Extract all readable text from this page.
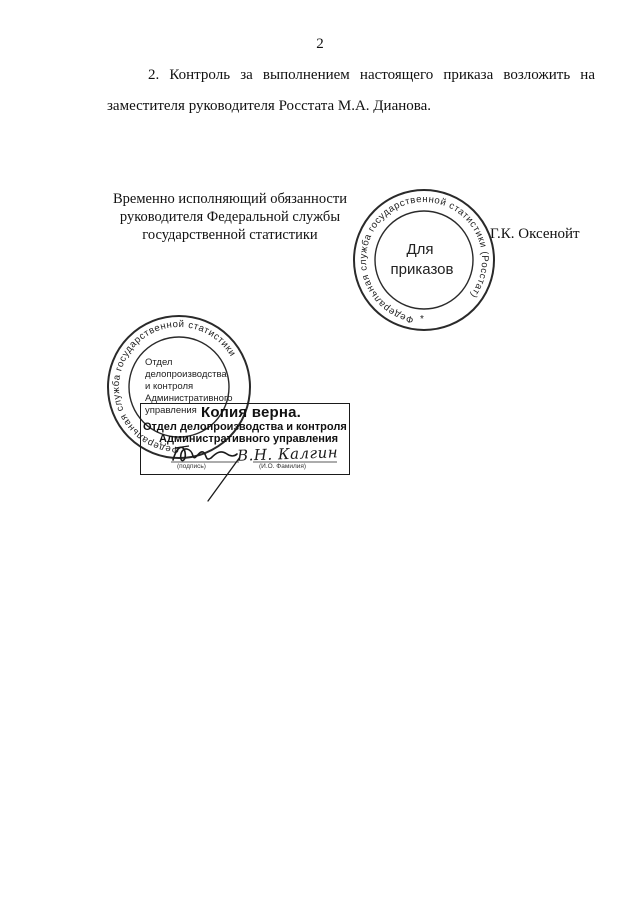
2
2. Контроль за выполнением настоящего приказа возложить на
заместителя руководителя Росстата М.А. Дианова.
Временно исполняющий обязанности
руководителя Федеральной службы
государственной статистики	Г.К. Оксенойт
Федеральная служба государственной статистики (Росстат)
Для
приказов
*
Федеральная служба государственной статистики
Отдел
делопроизводства
и контроля
Административного
управления Копия верна.
Отдел делопроизводства и контроля
Административного управления
(подпись)	(И.О. Фамилия)
В.Н. Калгин
